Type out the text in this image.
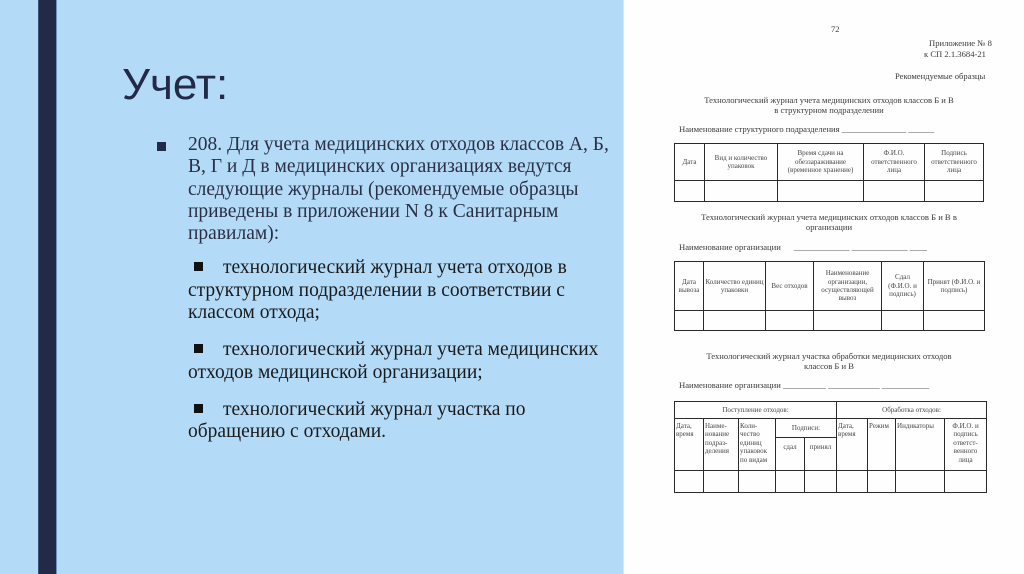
Учет:
208. Для учета медицинских отходов классов А, Б, В, Г и Д в медицинских организациях ведутся следующие журналы (рекомендуемые образцы приведены в приложении N 8 к Санитарным правилам):
технологический журнал учета отходов в структурном подразделении в соответствии с классом отхода;
технологический журнал учета медицинских отходов медицинской организации;
технологический журнал участка по обращению с отходами.
72
Приложение № 8
к СП 2.1.3684-21
Рекомендуемые образцы
Технологический журнал учета медицинских отходов классов Б и В
в структурном подразделении
Наименование структурного подразделения _______________ ______
Дата	Вид и количество упаковок	Время сдачи на обеззараживание (временное хранение)	Ф.И.О. ответственного лица	Подпись ответственного лица

Технологический журнал учета медицинских отходов классов Б и В в
организации
Наименование организации _____________ _____________ ____
Дата вывоза	Количество единиц упаковки	Вес отходов	Наименование организации, осуществляющей вывоз	Сдал (Ф.И.О. и подпись)	Принят (Ф.И.О. и подпись)

Технологический журнал участка обработки медицинских отходов
классов Б и В
Наименование организации __________ ____________ ___________
Поступление отходов:					Обработка отходов:			
Дата, время	Наиме-нование подраз-деления	Коли-чество единиц упаковок по видам	Подписи:		Дата, время	Режим	Индикаторы	Ф.И.О. и подпись ответст-венного лица
			сдал	принял				
